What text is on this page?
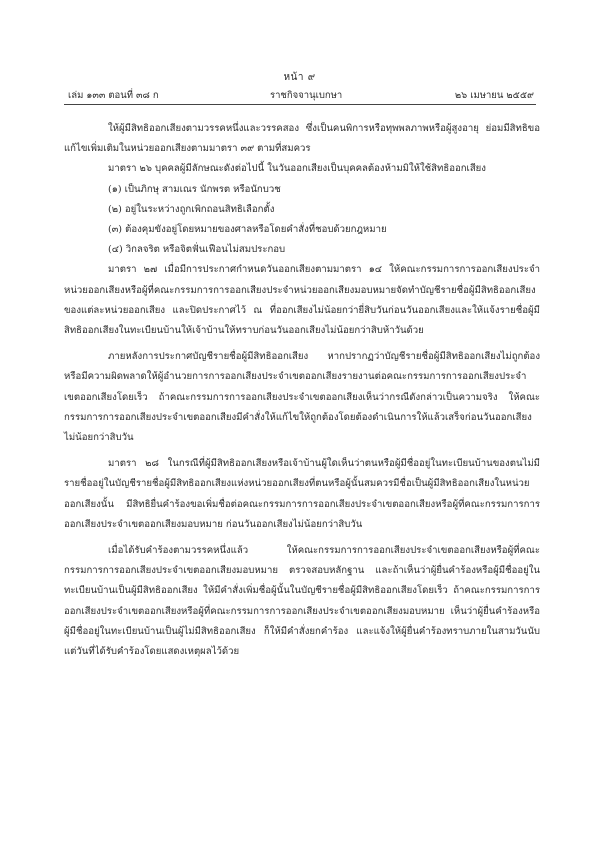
หน้า ๙
เล่ม ๑๓๓ ตอนที่ ๓๘ ก	ราชกิจจานุเบกษา	๒๖ เมษายน ๒๕๕๙

ให้ผู้มีสิทธิออกเสียงตามวรรคหนึ่งและวรรคสอง ซึ่งเป็นคนพิการหรือทุพพลภาพหรือผู้สูงอายุ ย่อมมีสิทธิขอแก้ไขเพิ่มเติมในหน่วยออกเสียงตามมาตรา ๓๙ ตามที่สมควร

มาตรา ๒๖ บุคคลผู้มีลักษณะดังต่อไปนี้ ในวันออกเสียงเป็นบุคคลต้องห้ามมิให้ใช้สิทธิออกเสียง

(๑) เป็นภิกษุ สามเณร นักพรต หรือนักบวช

(๒) อยู่ในระหว่างถูกเพิกถอนสิทธิเลือกตั้ง

(๓) ต้องคุมขังอยู่โดยหมายของศาลหรือโดยคำสั่งที่ชอบด้วยกฎหมาย

(๔) วิกลจริต หรือจิตฟั่นเฟือนไม่สมประกอบ

มาตรา ๒๗ เมื่อมีการประกาศกำหนดวันออกเสียงตามมาตรา ๑๔ ให้คณะกรรมการการออกเสียงประจำหน่วยออกเสียงหรือผู้ที่คณะกรรมการการออกเสียงประจำหน่วยออกเสียงมอบหมายจัดทำบัญชีรายชื่อผู้มีสิทธิออกเสียงของแต่ละหน่วยออกเสียง และปิดประกาศไว้ ณ ที่ออกเสียงไม่น้อยกว่ายี่สิบวันก่อนวันออกเสียงและให้แจ้งรายชื่อผู้มีสิทธิออกเสียงในทะเบียนบ้านให้เจ้าบ้านให้ทราบก่อนวันออกเสียงไม่น้อยกว่าสิบห้าวันด้วย

ภายหลังการประกาศบัญชีรายชื่อผู้มีสิทธิออกเสียง หากปรากฏว่าบัญชีรายชื่อผู้มีสิทธิออกเสียงไม่ถูกต้องหรือมีความผิดพลาดให้ผู้อำนวยการการออกเสียงประจำเขตออกเสียงรายงานต่อคณะกรรมการการออกเสียงประจำเขตออกเสียงโดยเร็ว ถ้าคณะกรรมการการออกเสียงประจำเขตออกเสียงเห็นว่ากรณีดังกล่าวเป็นความจริง ให้คณะกรรมการการออกเสียงประจำเขตออกเสียงมีคำสั่งให้แก้ไขให้ถูกต้องโดยต้องดำเนินการให้แล้วเสร็จก่อนวันออกเสียงไม่น้อยกว่าสิบวัน

มาตรา ๒๘ ในกรณีที่ผู้มีสิทธิออกเสียงหรือเจ้าบ้านผู้ใดเห็นว่าตนหรือผู้มีชื่ออยู่ในทะเบียนบ้านของตนไม่มีรายชื่ออยู่ในบัญชีรายชื่อผู้มีสิทธิออกเสียงแห่งหน่วยออกเสียงที่ตนหรือผู้นั้นสมควรมีชื่อเป็นผู้มีสิทธิออกเสียงในหน่วยออกเสียงนั้น มีสิทธิยื่นคำร้องขอเพิ่มชื่อต่อคณะกรรมการการออกเสียงประจำเขตออกเสียงหรือผู้ที่คณะกรรมการการออกเสียงประจำเขตออกเสียงมอบหมาย ก่อนวันออกเสียงไม่น้อยกว่าสิบวัน

เมื่อได้รับคำร้องตามวรรคหนึ่งแล้ว ให้คณะกรรมการการออกเสียงประจำเขตออกเสียงหรือผู้ที่คณะกรรมการการออกเสียงประจำเขตออกเสียงมอบหมาย ตรวจสอบหลักฐาน และถ้าเห็นว่าผู้ยื่นคำร้องหรือผู้มีชื่ออยู่ในทะเบียนบ้านเป็นผู้มีสิทธิออกเสียง ให้มีคำสั่งเพิ่มชื่อผู้นั้นในบัญชีรายชื่อผู้มีสิทธิออกเสียงโดยเร็ว ถ้าคณะกรรมการการออกเสียงประจำเขตออกเสียงหรือผู้ที่คณะกรรมการการออกเสียงประจำเขตออกเสียงมอบหมาย เห็นว่าผู้ยื่นคำร้องหรือผู้มีชื่ออยู่ในทะเบียนบ้านเป็นผู้ไม่มีสิทธิออกเสียง ก็ให้มีคำสั่งยกคำร้อง และแจ้งให้ผู้ยื่นคำร้องทราบภายในสามวันนับแต่วันที่ได้รับคำร้องโดยแสดงเหตุผลไว้ด้วย
